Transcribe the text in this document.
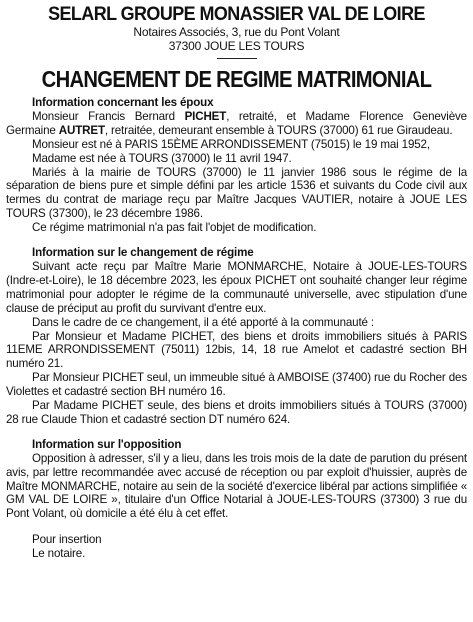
SELARL GROUPE MONASSIER VAL DE LOIRE
Notaires Associés, 3, rue du Pont Volant
37300 JOUE LES TOURS
CHANGEMENT DE REGIME MATRIMONIAL
Information concernant les époux

Monsieur Francis Bernard PICHET, retraité, et Madame Florence Geneviève Germaine AUTRET, retraitée, demeurant ensemble à TOURS (37000) 61 rue Giraudeau.

Monsieur est né à PARIS 15ÈME ARRONDISSEMENT (75015) le 19 mai 1952,

Madame est née à TOURS (37000) le 11 avril 1947.

Mariés à la mairie de TOURS (37000) le 11 janvier 1986 sous le régime de la séparation de biens pure et simple défini par les article 1536 et suivants du Code civil aux termes du contrat de mariage reçu par Maître Jacques VAUTIER, notaire à JOUE LES TOURS (37300), le 23 décembre 1986.

Ce régime matrimonial n'a pas fait l'objet de modification.

Information sur le changement de régime

Suivant acte reçu par Maître Marie MONMARCHE, Notaire à JOUE-LES-TOURS (Indre-et-Loire), le 18 décembre 2023, les époux PICHET ont souhaité changer leur régime matrimonial pour adopter le régime de la communauté universelle, avec stipulation d'une clause de préciput au profit du survivant d'entre eux.

Dans le cadre de ce changement, il a été apporté à la communauté :

Par Monsieur et Madame PICHET, des biens et droits immobiliers situés à PARIS 11EME ARRONDISSEMENT (75011) 12bis, 14, 18 rue Amelot et cadastré section BH numéro 21.

Par Monsieur PICHET seul, un immeuble situé à AMBOISE (37400) rue du Rocher des Violettes et cadastré section BH numéro 16.

Par Madame PICHET seule, des biens et droits immobiliers situés à TOURS (37000) 28 rue Claude Thion et cadastré section DT numéro 624.

Information sur l'opposition

Opposition à adresser, s'il y a lieu, dans les trois mois de la date de parution du présent avis, par lettre recommandée avec accusé de réception ou par exploit d'huissier, auprès de Maître MONMARCHE, notaire au sein de la société d'exercice libéral par actions simplifiée « GM VAL DE LOIRE », titulaire d'un Office Notarial à JOUE-LES-TOURS (37300) 3 rue du Pont Volant, où domicile a été élu à cet effet.

Pour insertion
Le notaire.
